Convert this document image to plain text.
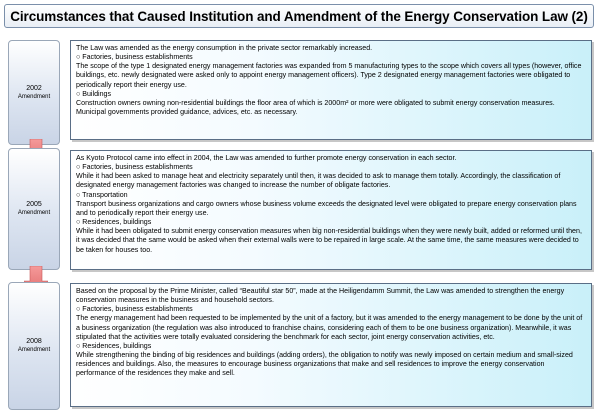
Circumstances that Caused Institution and Amendment of the Energy Conservation Law (2)
2002
Amendment

The Law was amended as the energy consumption in the private sector remarkably increased.

○ Factories, business establishments

The scope of the type 1 designated energy management factories was expanded from 5 manufacturing types to the scope which covers all types (however, office buildings, etc. newly designated were asked only to appoint energy management officers). Type 2 designated energy management factories were obligated to periodically report their energy use.

○ Buildings

Construction owners owning non-residential buildings the floor area of which is 2000m² or more were obligated to submit energy conservation measures. Municipal governments provided guidance, advices, etc. as necessary.

2005
Amendment

As Kyoto Protocol came into effect in 2004, the Law was amended to further promote energy conservation in each sector.

○ Factories, business establishments

While it had been asked to manage heat and electricity separately until then, it was decided to ask to manage them totally. Accordingly, the classification of designated energy management factories was changed to increase the number of obligate factories.

○ Transportation

Transport business organizations and cargo owners whose business volume exceeds the designated level were obligated to prepare energy conservation plans and to periodically report their energy use.

○ Residences, buildings

While it had been obligated to submit energy conservation measures when big non-residential buildings when they were newly built, added or reformed until then, it was decided that the same would be asked when their external walls were to be repaired in large scale. At the same time, the same measures were decided to be taken for houses too.

2008
Amendment

Based on the proposal by the Prime Minister, called “Beautiful star 50”, made at the Heiligendamm Summit, the Law was amended to strengthen the energy conservation measures in the business and household sectors.

○ Factories, business establishments

The energy management had been requested to be implemented by the unit of a factory, but it was amended to the energy management to be done by the unit of a business organization (the regulation was also introduced to franchise chains, considering each of them to be one business organization). Meanwhile, it was stipulated that the activities were totally evaluated considering the benchmark for each sector, joint energy conservation activities, etc.

○ Residences, buildings

While strengthening the binding of big residences and buildings (adding orders), the obligation to notify was newly imposed on certain medium and small-sized residences and buildings. Also, the measures to encourage business organizations that make and sell residences to improve the energy conservation performance of the residences they make and sell.
